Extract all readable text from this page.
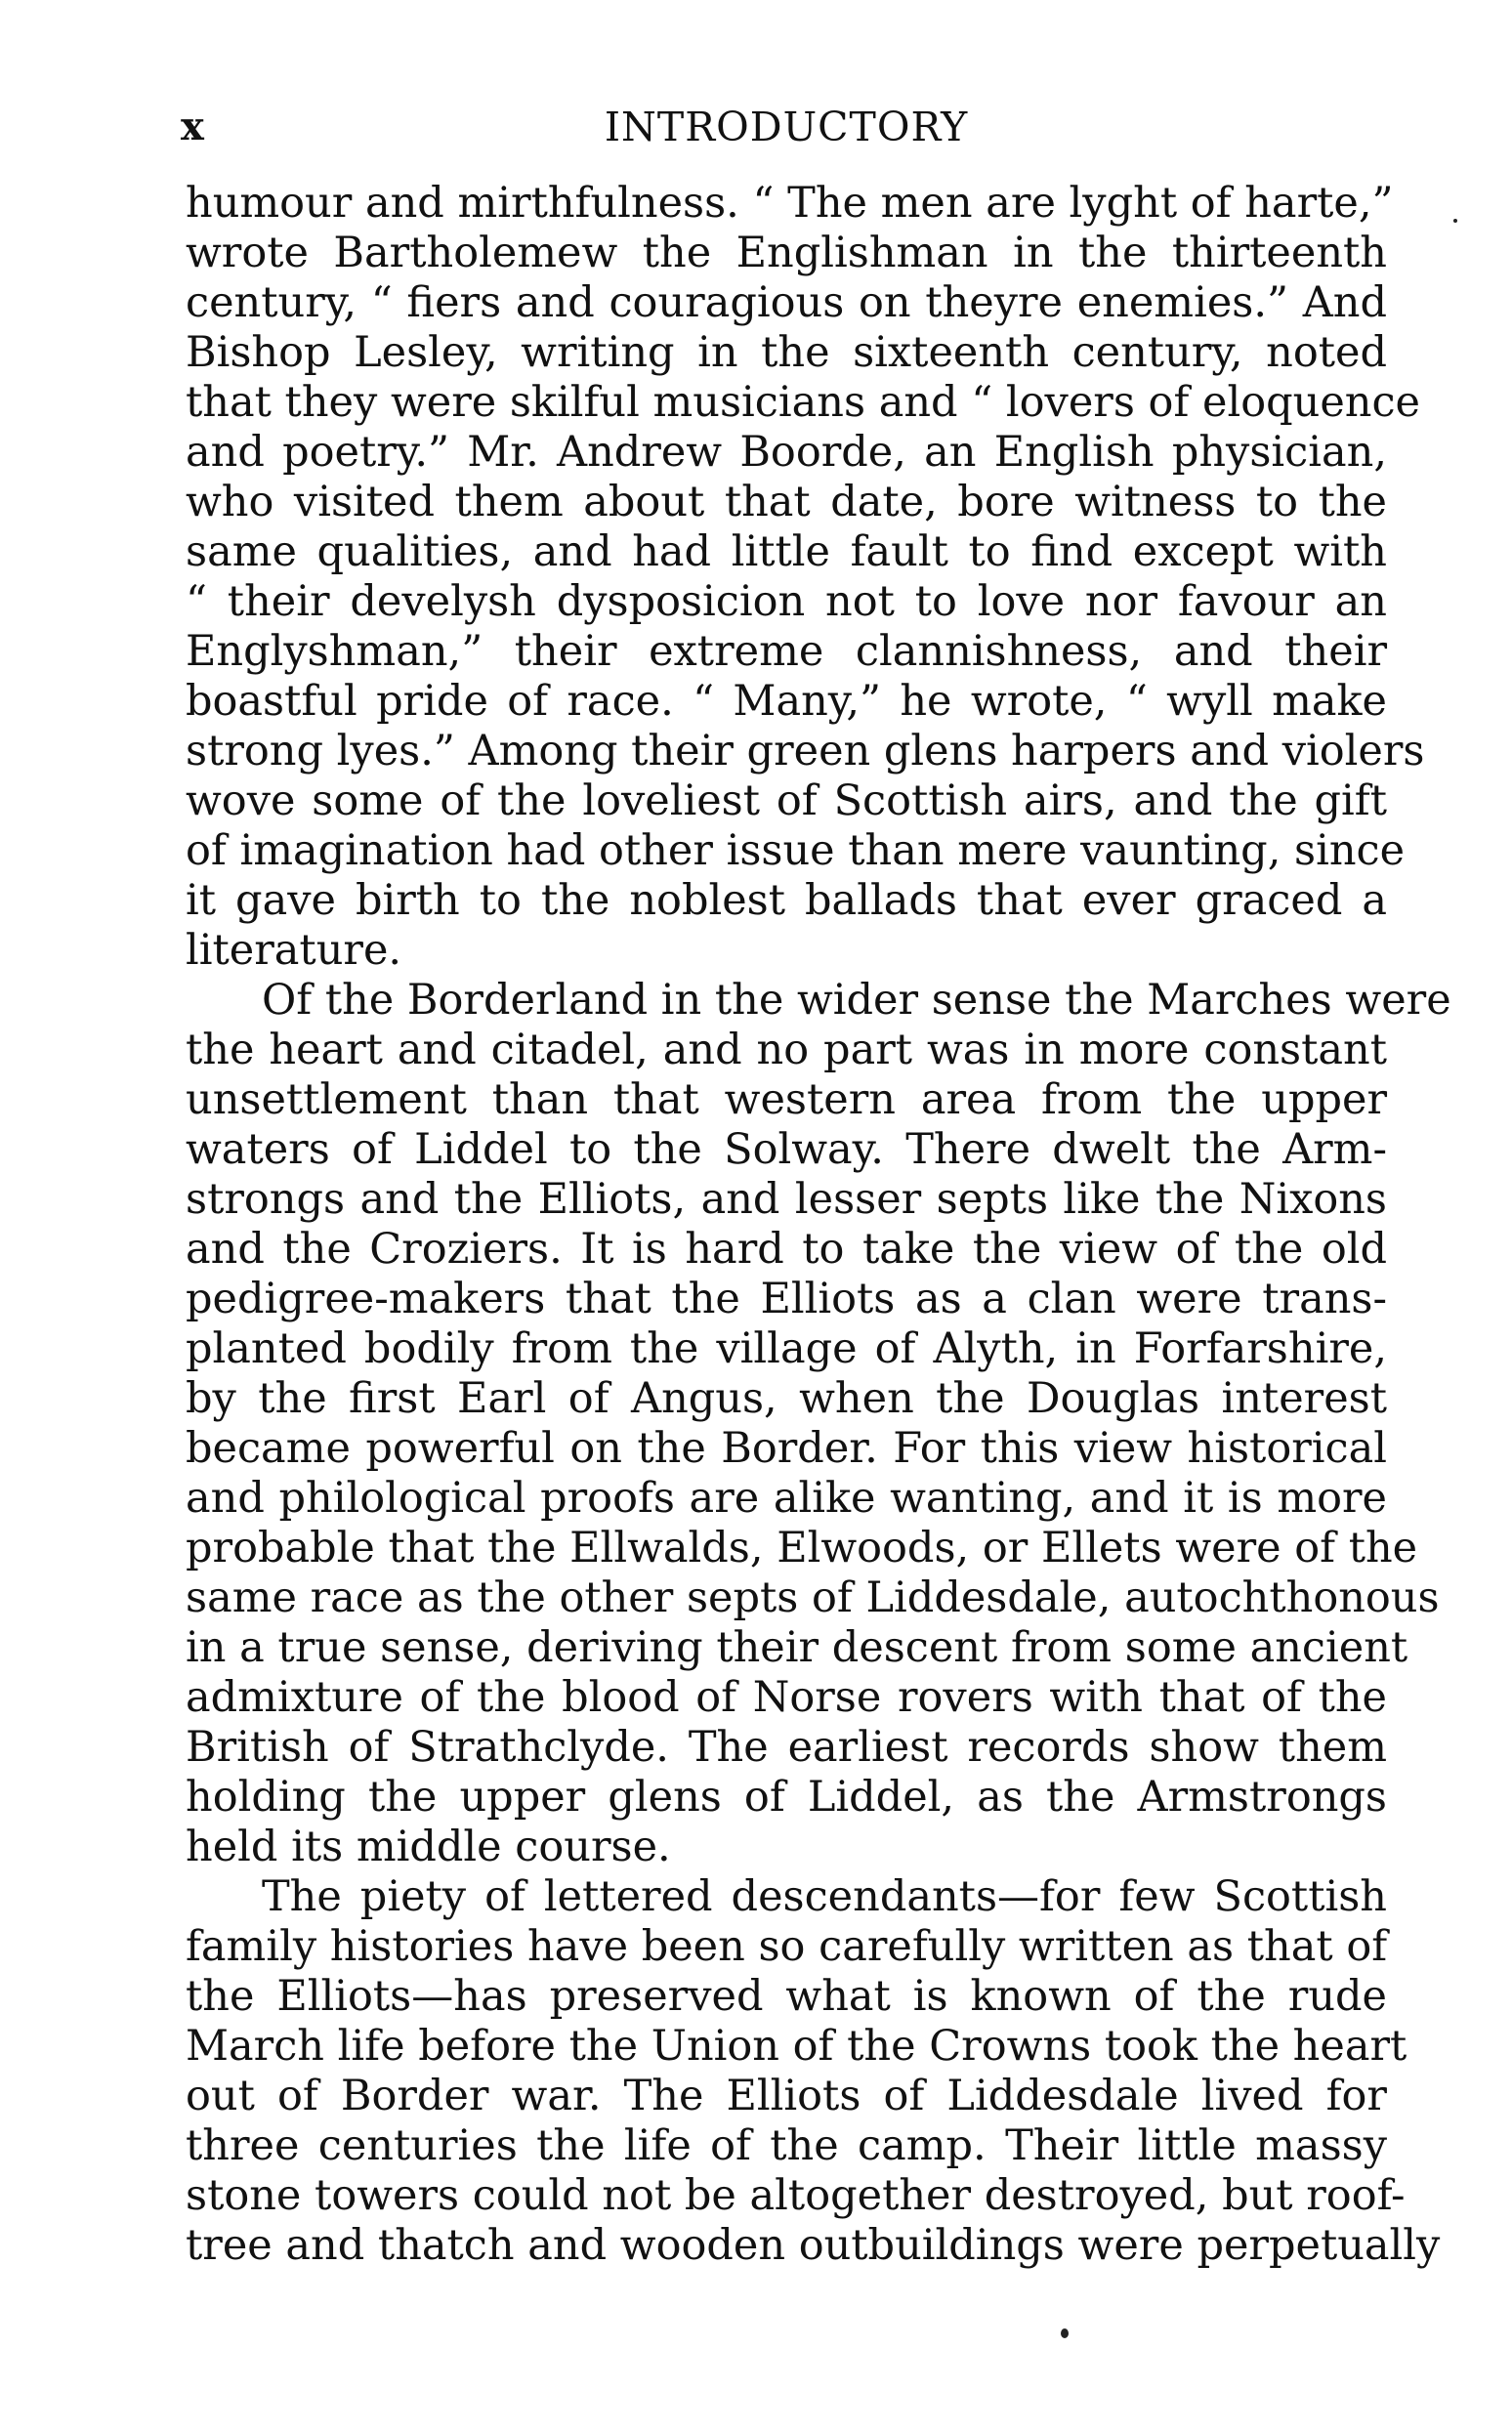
x	INTRODUCTORY
humour and mirthfulness. “ The men are lyght of harte,”
wrote Bartholemew the Englishman in the thirteenth
century, “ fiers and couragious on theyre enemies.” And
Bishop Lesley, writing in the sixteenth century, noted
that they were skilful musicians and “ lovers of eloquence
and poetry.” Mr. Andrew Boorde, an English physician,
who visited them about that date, bore witness to the
same qualities, and had little fault to find except with
“ their develysh dysposicion not to love nor favour an
Englyshman,” their extreme clannishness, and their
boastful pride of race. “ Many,” he wrote, “ wyll make
strong lyes.” Among their green glens harpers and violers
wove some of the loveliest of Scottish airs, and the gift
of imagination had other issue than mere vaunting, since
it gave birth to the noblest ballads that ever graced a
literature.
Of the Borderland in the wider sense the Marches were
the heart and citadel, and no part was in more constant
unsettlement than that western area from the upper
waters of Liddel to the Solway. There dwelt the Arm-
strongs and the Elliots, and lesser septs like the Nixons
and the Croziers. It is hard to take the view of the old
pedigree-makers that the Elliots as a clan were trans-
planted bodily from the village of Alyth, in Forfarshire,
by the first Earl of Angus, when the Douglas interest
became powerful on the Border. For this view historical
and philological proofs are alike wanting, and it is more
probable that the Ellwalds, Elwoods, or Ellets were of the
same race as the other septs of Liddesdale, autochthonous
in a true sense, deriving their descent from some ancient
admixture of the blood of Norse rovers with that of the
British of Strathclyde. The earliest records show them
holding the upper glens of Liddel, as the Armstrongs
held its middle course.
The piety of lettered descendants—for few Scottish
family histories have been so carefully written as that of
the Elliots—has preserved what is known of the rude
March life before the Union of the Crowns took the heart
out of Border war. The Elliots of Liddesdale lived for
three centuries the life of the camp. Their little massy
stone towers could not be altogether destroyed, but roof-
tree and thatch and wooden outbuildings were perpetually
